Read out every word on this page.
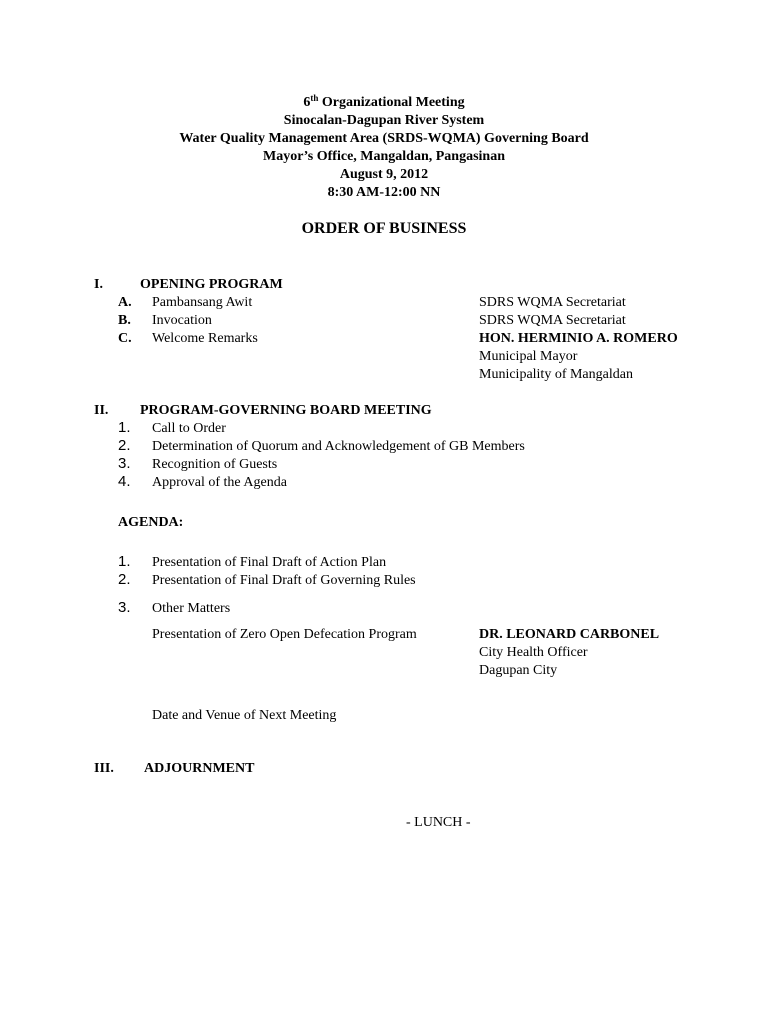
6th Organizational Meeting
Sinocalan-Dagupan River System
Water Quality Management Area (SRDS-WQMA) Governing Board
Mayor’s Office, Mangaldan, Pangasinan
August 9, 2012
8:30 AM-12:00 NN
ORDER OF BUSINESS
I.	OPENING PROGRAM
A. Pambansang Awit	SDRS WQMA Secretariat
B. Invocation	SDRS WQMA Secretariat
C. Welcome Remarks	HON. HERMINIO A. ROMERO
Municipal Mayor
Municipality of Mangaldan
II. PROGRAM-GOVERNING BOARD MEETING
1. Call to Order
2. Determination of Quorum and Acknowledgement of GB Members
3. Recognition of Guests
4. Approval of the Agenda
AGENDA:
1. Presentation of Final Draft of Action Plan
2. Presentation of Final Draft of Governing Rules
3. Other Matters
Presentation of Zero Open Defecation Program	DR. LEONARD CARBONEL
City Health Officer
Dagupan City
Date and Venue of Next Meeting
III. ADJOURNMENT
- LUNCH -
